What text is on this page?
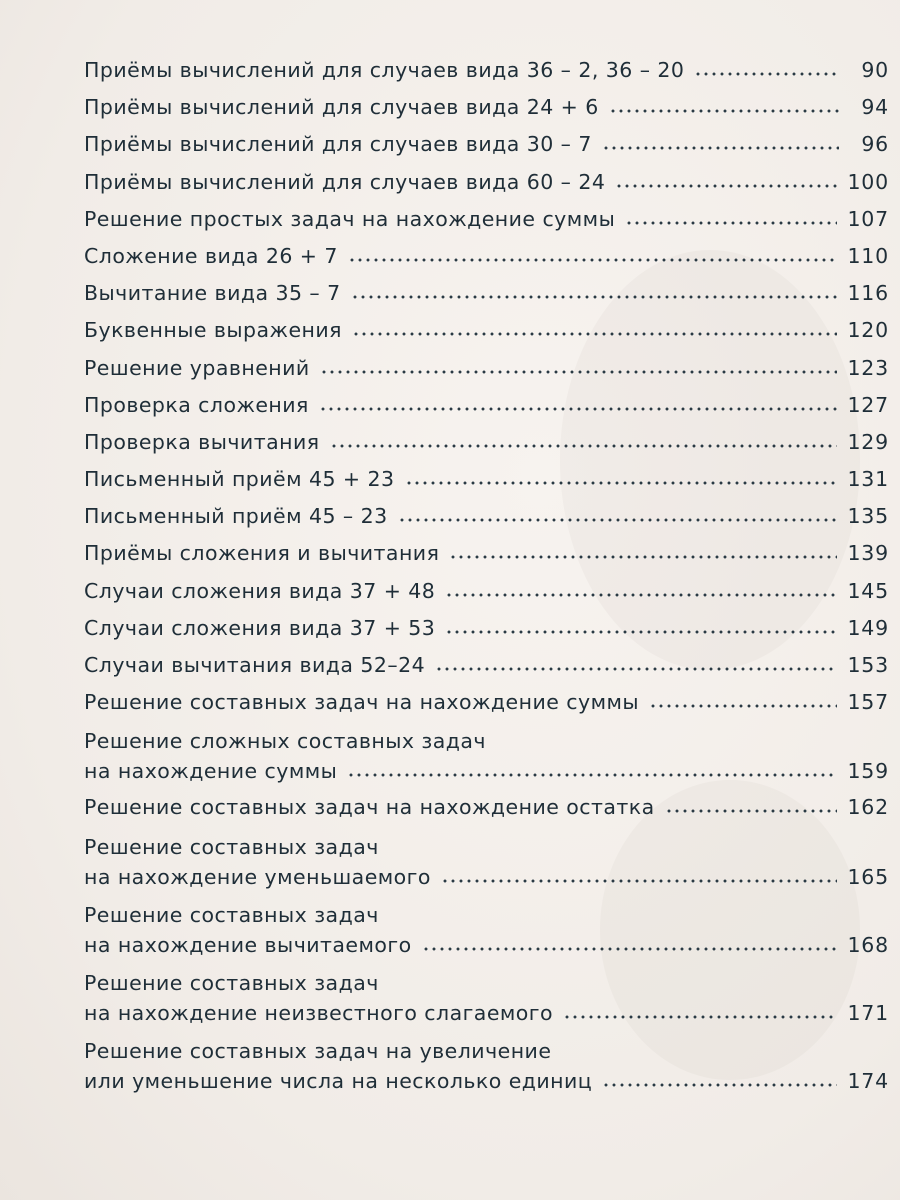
Приёмы вычислений для случаев вида 36 – 2, 36 – 20	90
Приёмы вычислений для случаев вида 24 + 6	94
Приёмы вычислений для случаев вида 30 – 7	96
Приёмы вычислений для случаев вида 60 – 24	100
Решение простых задач на нахождение суммы	107
Сложение вида 26 + 7	110
Вычитание вида 35 – 7	116
Буквенные выражения	120
Решение уравнений	123
Проверка сложения	127
Проверка вычитания	129
Письменный приём 45 + 23	131
Письменный приём 45 – 23	135
Приёмы сложения и вычитания	139
Случаи сложения вида 37 + 48	145
Случаи сложения вида 37 + 53	149
Случаи вычитания вида 52–24	153
Решение составных задач на нахождение суммы	157
Решение сложных составных задач
на нахождение суммы	159
Решение составных задач на нахождение остатка	162
Решение составных задач
на нахождение уменьшаемого	165
Решение составных задач
на нахождение вычитаемого	168
Решение составных задач
на нахождение неизвестного слагаемого	171
Решение составных задач на увеличение
или уменьшение числа на несколько единиц	174
